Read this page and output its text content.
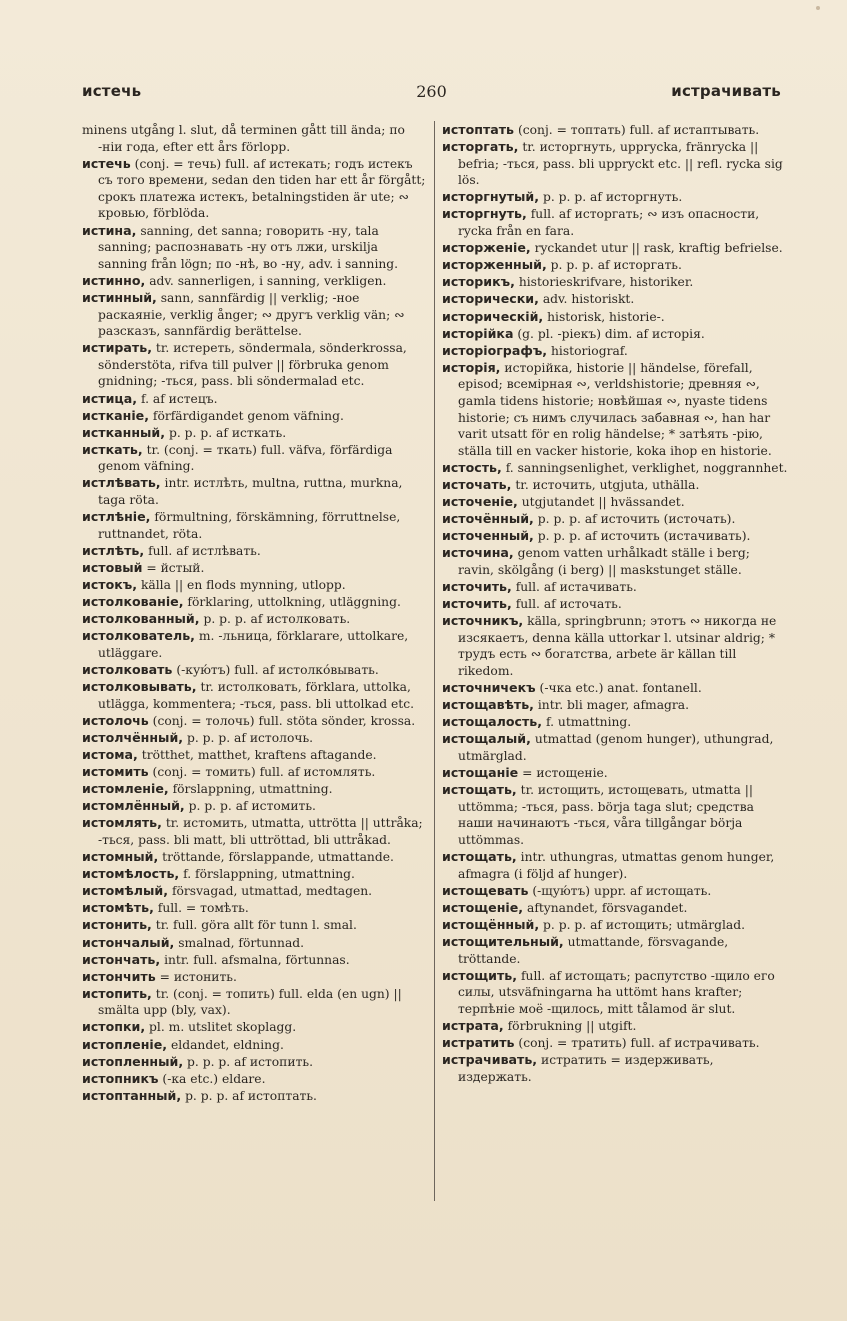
260
истечь	истрачивать
minens utgång l. slut, då terminen gått till ända; по -нiи года, efter ett års förlopp.
истечь (conj. = течь) full. af истекать; годъ истекъ съ того времени, sedan den tiden har ett år förgått; срокъ платежа истекъ, betalningstiden är ute; ∾ кровью, förblöda.
истина, sanning, det sanna; говорить -ну, tala sanning; распознавать -ну отъ лжи, urskilja sanning från lögn; по -нѣ, во -ну, adv. i sanning.
истинно, adv. sannerligen, i sanning, verkligen.
истинный, sann, sannfärdig || verklig; -ное раскаянiе, verklig ånger; ∾ другъ verklig vän; ∾ разсказъ, sannfärdig berättelse.
истирать, tr. истереть, söndermala, sönderkrossa, sönderstöta, rifva till pulver || förbruka genom gnidning; -ться, pass. bli söndermalad etc.
истица, f. af истецъ.
истканiе, förfärdigandet genom väfning.
истканный, p. p. p. af исткать.
исткать, tr. (conj. = ткать) full. väfva, förfärdiga genom väfning.
истлѣвать, intr. истлѣть, multna, ruttna, murkna, taga röta.
истлѣнiе, förmultning, förskämning, förruttnelse, ruttnandet, röta.
истлѣть, full. af истлѣвать.
истовый = йстый.
истокъ, källa || en flods mynning, utlopp.
истолкованiе, förklaring, uttolkning, utläggning.
истолкованный, p. p. p. af истолковать.
истолкователь, m. -льница, förklarare, uttolkare, utläggare.
истолковать (-кую́тъ) full. af истолко́вывать.
истолковывать, tr. истолковать, förklara, uttolka, utlägga, kommentera; -ться, pass. bli uttolkad etc.
истолочь (conj. = толочь) full. stöta sönder, krossa.
истолчённый, p. p. p. af истолочь.
истома, trötthet, matthet, kraftens aftagande.
истомить (conj. = томить) full. af истомлять.
истомленiе, förslappning, utmattning.
истомлённый, p. p. p. af истомить.
истомлять, tr. истомить, utmatta, uttrötta || uttråka; -ться, pass. bli matt, bli uttröttad, bli uttråkad.
истомный, tröttande, förslappande, utmattande.
истомѣлость, f. förslappning, utmattning.
истомѣлый, försvagad, utmattad, medtagen.
истомѣть, full. = томѣть.
истонить, tr. full. göra allt för tunn l. smal.
истончалый, smalnad, förtunnad.
истончать, intr. full. afsmalna, förtunnas.
истончить = истонить.
истопить, tr. (conj. = топить) full. elda (en ugn) || smälta upp (bly, vax).
истопки, pl. m. utslitet skoplagg.
истопленiе, eldandet, eldning.
истопленный, p. p. p. af истопить.
истопникъ (-ка etc.) eldare.
истоптанный, p. p. p. af истоптать.
истоптать (conj. = топтать) full. af истаптывать.
исторгать, tr. исторгнуть, upprycka, fränrycka || befria; -ться, pass. bli uppryckt etc. || refl. rycka sig lös.
исторгнутый, p. p. p. af исторгнуть.
исторгнуть, full. af исторгать; ∾ изъ опасности, rycka från en fara.
исторженiе, ryckandet utur || rask, kraftig befrielse.
исторженный, p. p. p. af исторгать.
историкъ, historieskrifvare, historiker.
исторически, adv. historiskt.
историческiй, historisk, historie-.
исторiйка (g. pl. -рiекъ) dim. af исторiя.
исторiографъ, historiograf.
исторiя, исторiйка, historie || händelse, förefall, episod; всемiрная ∾, verldshistorie; древняя ∾, gamla tidens historie; новѣйшая ∾, nyaste tidens historie; съ нимъ случилась забавная ∾, han har varit utsatt för en rolig händelse; * затѣять -рiю, ställa till en vacker historie, koka ihop en historie.
истость, f. sanningsenlighet, verklighet, noggrannhet.
источать, tr. источить, utgjuta, uthälla.
источенiе, utgjutandet || hvässandet.
источённый, p. p. p. af источить (источать).
источенный, p. p. p. af источить (истачивать).
источина, genom vatten urhålkadt ställe i berg; ravin, skölgång (i berg) || maskstunget ställe.
источить, full. af истачивать.
источить, full. af источать.
источникъ, källa, springbrunn; этотъ ∾ никогда не изсякаетъ, denna källa uttorkar l. utsinar aldrig; * трудъ есть ∾ богатства, arbete är källan till rikedom.
источничекъ (-чка etc.) anat. fontanell.
истощавѣть, intr. bli mager, afmagra.
истощалость, f. utmattning.
истощалый, utmattad (genom hunger), uthungrad, utmärglad.
истощанiе = истощенiе.
истощать, tr. истощить, истощевать, utmatta || uttömma; -ться, pass. börja taga slut; средства наши начинаютъ -ться, våra tillgångar börja uttömmas.
истощать, intr. uthungras, utmattas genom hunger, afmagra (i följd af hunger).
истощевать (-щую́тъ) uppr. af истощать.
истощенiе, aftynandet, försvagandet.
истощённый, p. p. p. af истощить; utmärglad.
истощительный, utmattande, försvagande, tröttande.
истощить, full. af истощать; распутство -щило его силы, utsväfningarna ha uttömt hans krafter; терпѣнiе моё -щилось, mitt tålamod är slut.
истрата, förbrukning || utgift.
истратить (conj. = тратить) full. af истрачивать.
истрачивать, истратить = издерживать, издержать.
